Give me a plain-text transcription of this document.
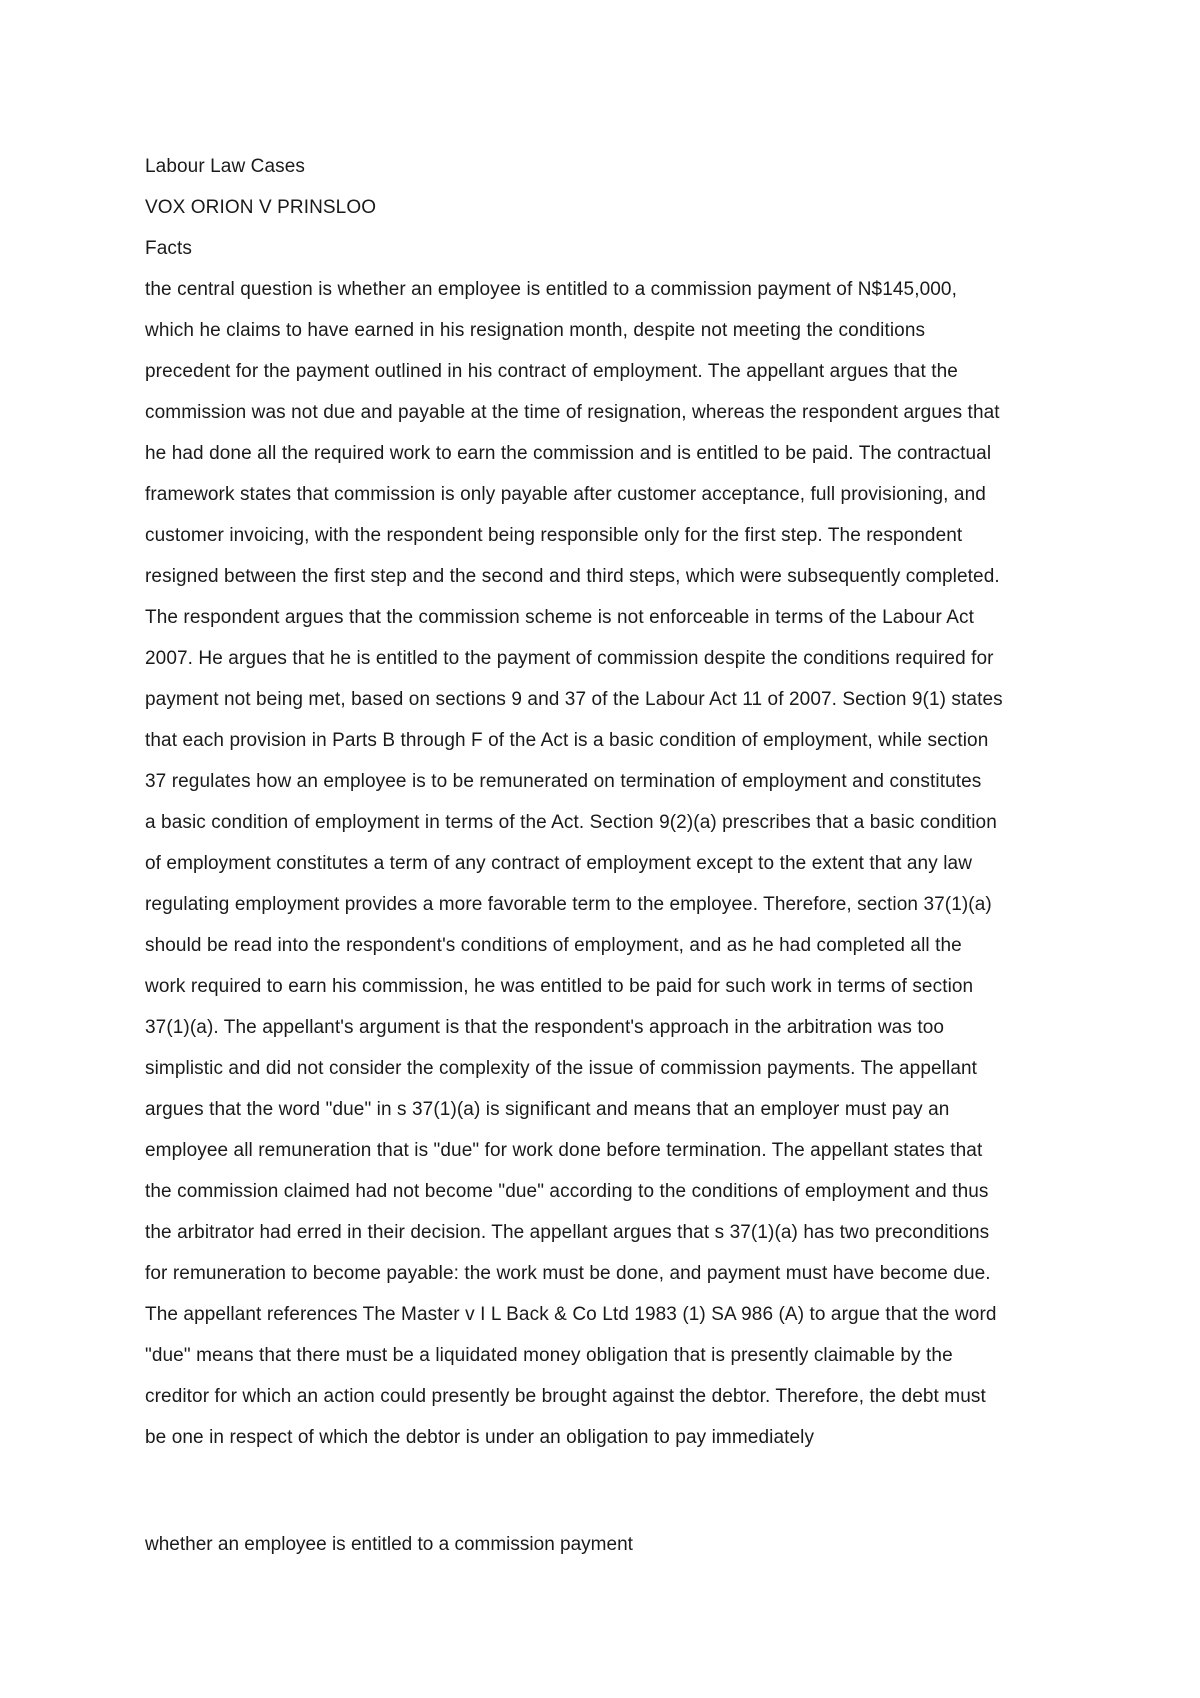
Labour Law Cases
VOX ORION V PRINSLOO
Facts
the central question is whether an employee is entitled to a commission payment of N$145,000,
which he claims to have earned in his resignation month, despite not meeting the conditions
precedent for the payment outlined in his contract of employment. The appellant argues that the
commission was not due and payable at the time of resignation, whereas the respondent argues that
he had done all the required work to earn the commission and is entitled to be paid. The contractual
framework states that commission is only payable after customer acceptance, full provisioning, and
customer invoicing, with the respondent being responsible only for the first step. The respondent
resigned between the first step and the second and third steps, which were subsequently completed.
The respondent argues that the commission scheme is not enforceable in terms of the Labour Act
2007. He argues that he is entitled to the payment of commission despite the conditions required for
payment not being met, based on sections 9 and 37 of the Labour Act 11 of 2007. Section 9(1) states
that each provision in Parts B through F of the Act is a basic condition of employment, while section
37 regulates how an employee is to be remunerated on termination of employment and constitutes
a basic condition of employment in terms of the Act. Section 9(2)(a) prescribes that a basic condition
of employment constitutes a term of any contract of employment except to the extent that any law
regulating employment provides a more favorable term to the employee. Therefore, section 37(1)(a)
should be read into the respondent's conditions of employment, and as he had completed all the
work required to earn his commission, he was entitled to be paid for such work in terms of section
37(1)(a). The appellant's argument is that the respondent's approach in the arbitration was too
simplistic and did not consider the complexity of the issue of commission payments. The appellant
argues that the word "due" in s 37(1)(a) is significant and means that an employer must pay an
employee all remuneration that is "due" for work done before termination. The appellant states that
the commission claimed had not become "due" according to the conditions of employment and thus
the arbitrator had erred in their decision. The appellant argues that s 37(1)(a) has two preconditions
for remuneration to become payable: the work must be done, and payment must have become due.
The appellant references The Master v I L Back & Co Ltd 1983 (1) SA 986 (A) to argue that the word
"due" means that there must be a liquidated money obligation that is presently claimable by the
creditor for which an action could presently be brought against the debtor. Therefore, the debt must
be one in respect of which the debtor is under an obligation to pay immediately
whether an employee is entitled to a commission payment
